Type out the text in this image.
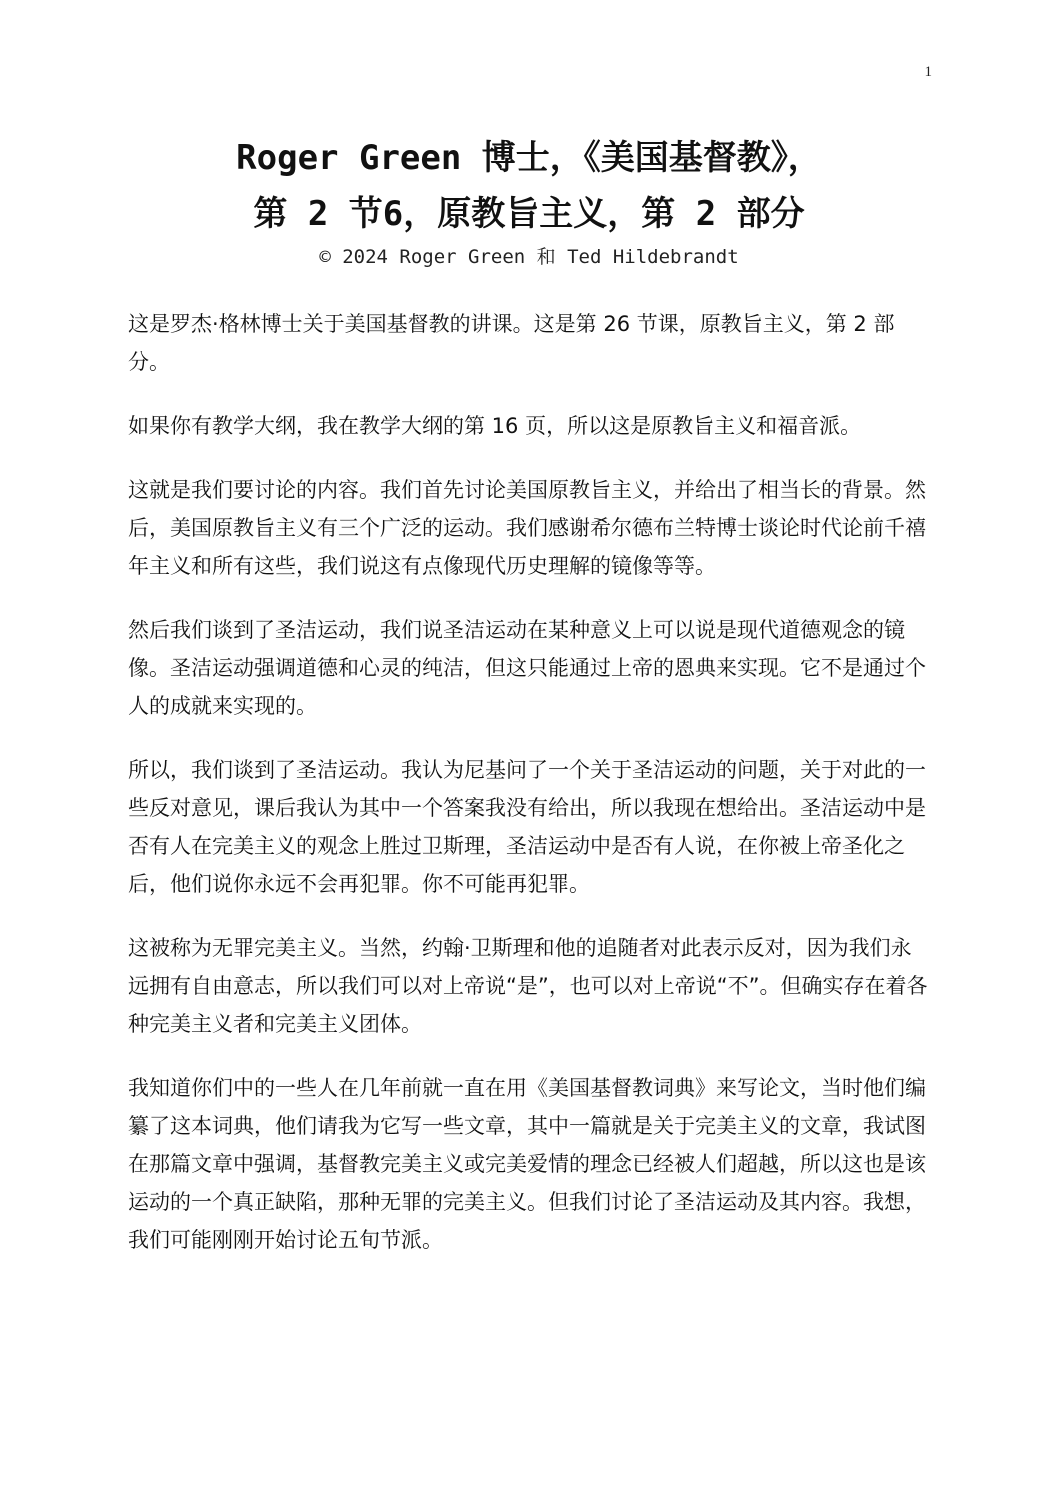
1
Roger Green 博士，《美国基督教》，
第 2 节6，原教旨主义，第 2 部分
© 2024 Roger Green 和 Ted Hildebrandt

这是罗杰·格林博士关于美国基督教的讲课。这是第 26 节课，原教旨主义，第 2 部分。

如果你有教学大纲，我在教学大纲的第 16 页，所以这是原教旨主义和福音派。

这就是我们要讨论的内容。我们首先讨论美国原教旨主义，并给出了相当长的背景。然后，美国原教旨主义有三个广泛的运动。我们感谢希尔德布兰特博士谈论时代论前千禧年主义和所有这些，我们说这有点像现代历史理解的镜像等等。

然后我们谈到了圣洁运动，我们说圣洁运动在某种意义上可以说是现代道德观念的镜像。圣洁运动强调道德和心灵的纯洁，但这只能通过上帝的恩典来实现。它不是通过个人的成就来实现的。

所以，我们谈到了圣洁运动。我认为尼基问了一个关于圣洁运动的问题，关于对此的一些反对意见，课后我认为其中一个答案我没有给出，所以我现在想给出。圣洁运动中是否有人在完美主义的观念上胜过卫斯理，圣洁运动中是否有人说，在你被上帝圣化之后，他们说你永远不会再犯罪。你不可能再犯罪。

这被称为无罪完美主义。当然，约翰·卫斯理和他的追随者对此表示反对，因为我们永远拥有自由意志，所以我们可以对上帝说“是”，也可以对上帝说“不”。但确实存在着各种完美主义者和完美主义团体。

我知道你们中的一些人在几年前就一直在用《美国基督教词典》来写论文，当时他们编纂了这本词典，他们请我为它写一些文章，其中一篇就是关于完美主义的文章，我试图在那篇文章中强调，基督教完美主义或完美爱情的理念已经被人们超越，所以这也是该运动的一个真正缺陷，那种无罪的完美主义。但我们讨论了圣洁运动及其内容。我想，我们可能刚刚开始讨论五旬节派。
